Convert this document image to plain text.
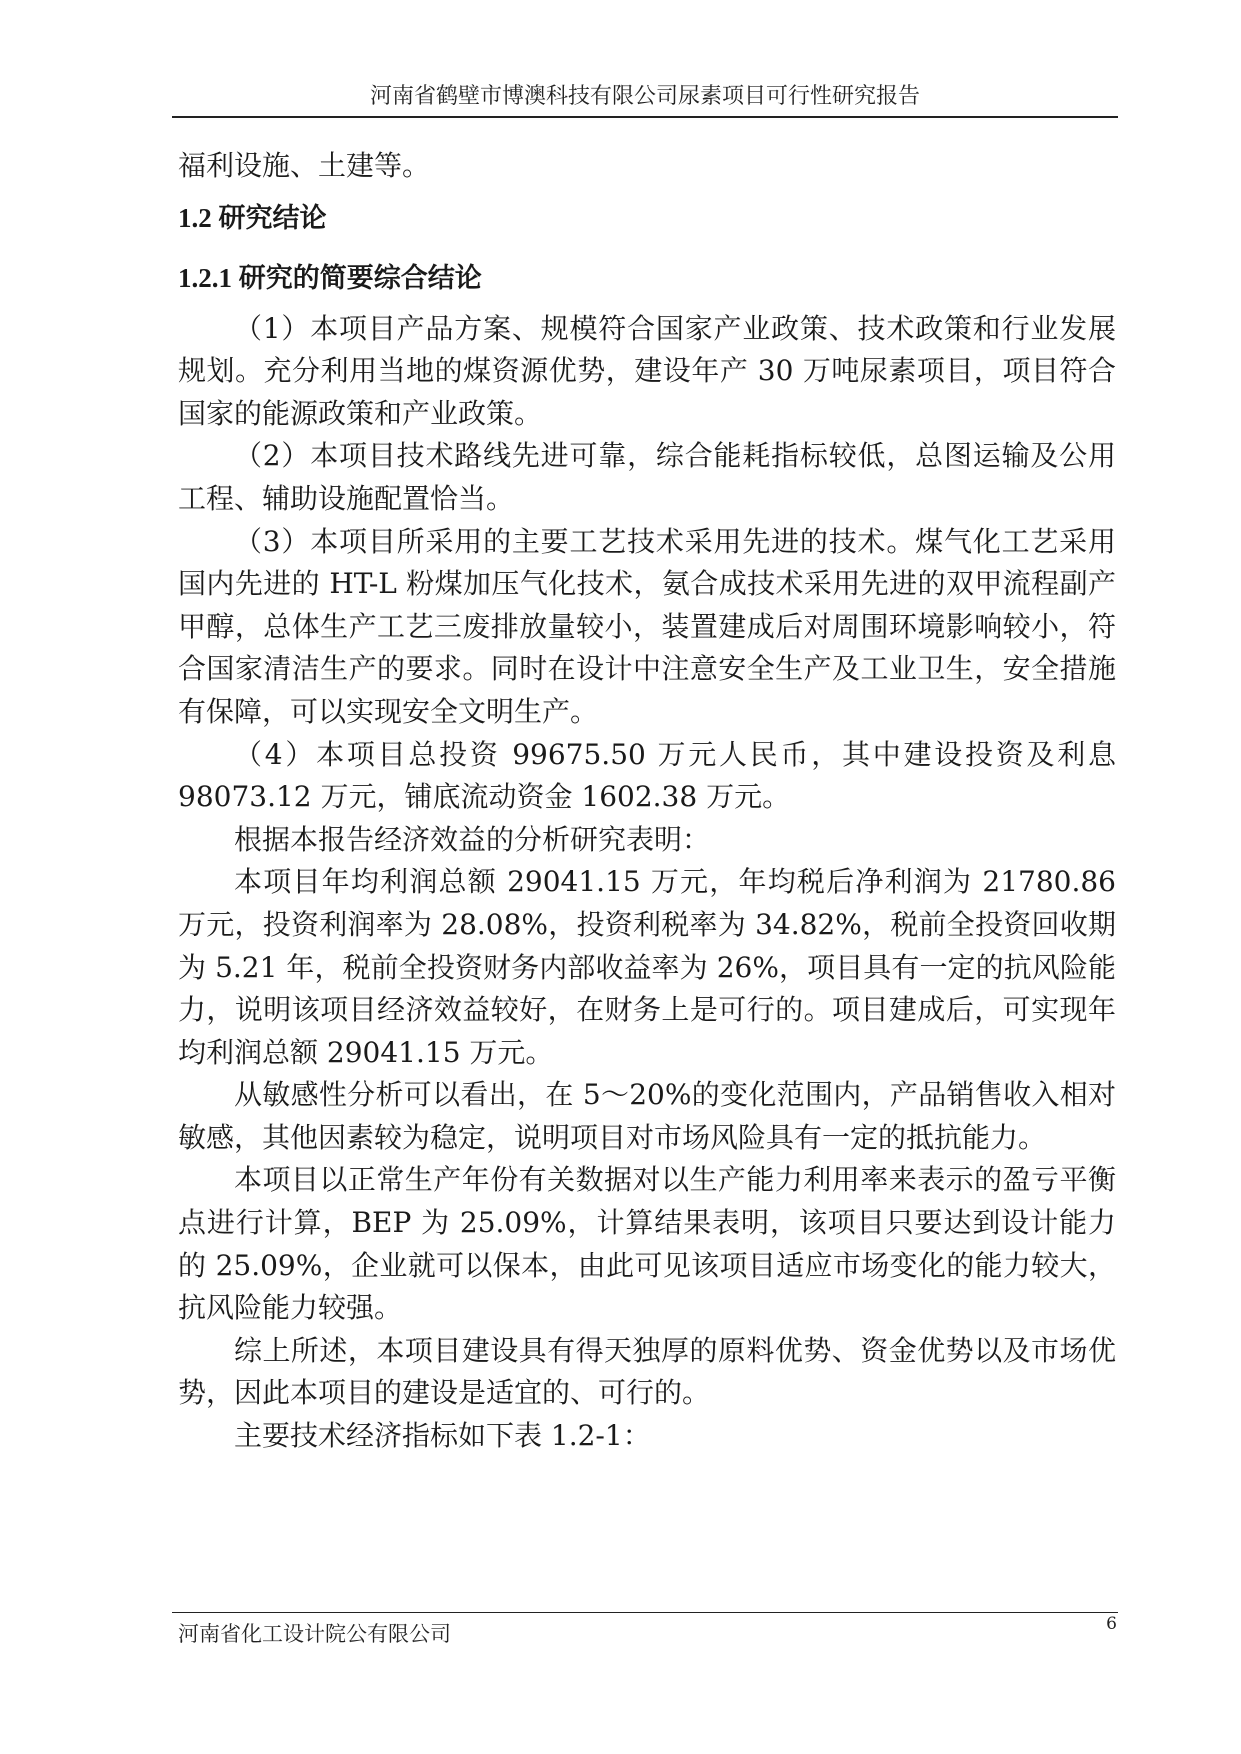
河南省鹤壁市博澳科技有限公司尿素项目可行性研究报告

福利设施、土建等。

1.2 研究结论

1.2.1 研究的简要综合结论

（1）本项目产品方案、规模符合国家产业政策、技术政策和行业发展规划。充分利用当地的煤资源优势，建设年产 30 万吨尿素项目，项目符合国家的能源政策和产业政策。

（2）本项目技术路线先进可靠，综合能耗指标较低，总图运输及公用工程、辅助设施配置恰当。

（3）本项目所采用的主要工艺技术采用先进的技术。煤气化工艺采用国内先进的 HT-L 粉煤加压气化技术，氨合成技术采用先进的双甲流程副产甲醇，总体生产工艺三废排放量较小，装置建成后对周围环境影响较小，符合国家清洁生产的要求。同时在设计中注意安全生产及工业卫生，安全措施有保障，可以实现安全文明生产。

（4）本项目总投资 99675.50 万元人民币，其中建设投资及利息 98073.12 万元，铺底流动资金 1602.38 万元。

根据本报告经济效益的分析研究表明：

本项目年均利润总额 29041.15 万元，年均税后净利润为 21780.86 万元，投资利润率为 28.08%，投资利税率为 34.82%，税前全投资回收期为 5.21 年，税前全投资财务内部收益率为 26%，项目具有一定的抗风险能力，说明该项目经济效益较好，在财务上是可行的。项目建成后，可实现年均利润总额 29041.15 万元。

从敏感性分析可以看出，在 5～20%的变化范围内，产品销售收入相对敏感，其他因素较为稳定，说明项目对市场风险具有一定的抵抗能力。

本项目以正常生产年份有关数据对以生产能力利用率来表示的盈亏平衡点进行计算，BEP 为 25.09%，计算结果表明，该项目只要达到设计能力的 25.09%，企业就可以保本，由此可见该项目适应市场变化的能力较大，抗风险能力较强。

综上所述，本项目建设具有得天独厚的原料优势、资金优势以及市场优势，因此本项目的建设是适宜的、可行的。

主要技术经济指标如下表 1.2-1：

河南省化工设计院公有限公司	6
